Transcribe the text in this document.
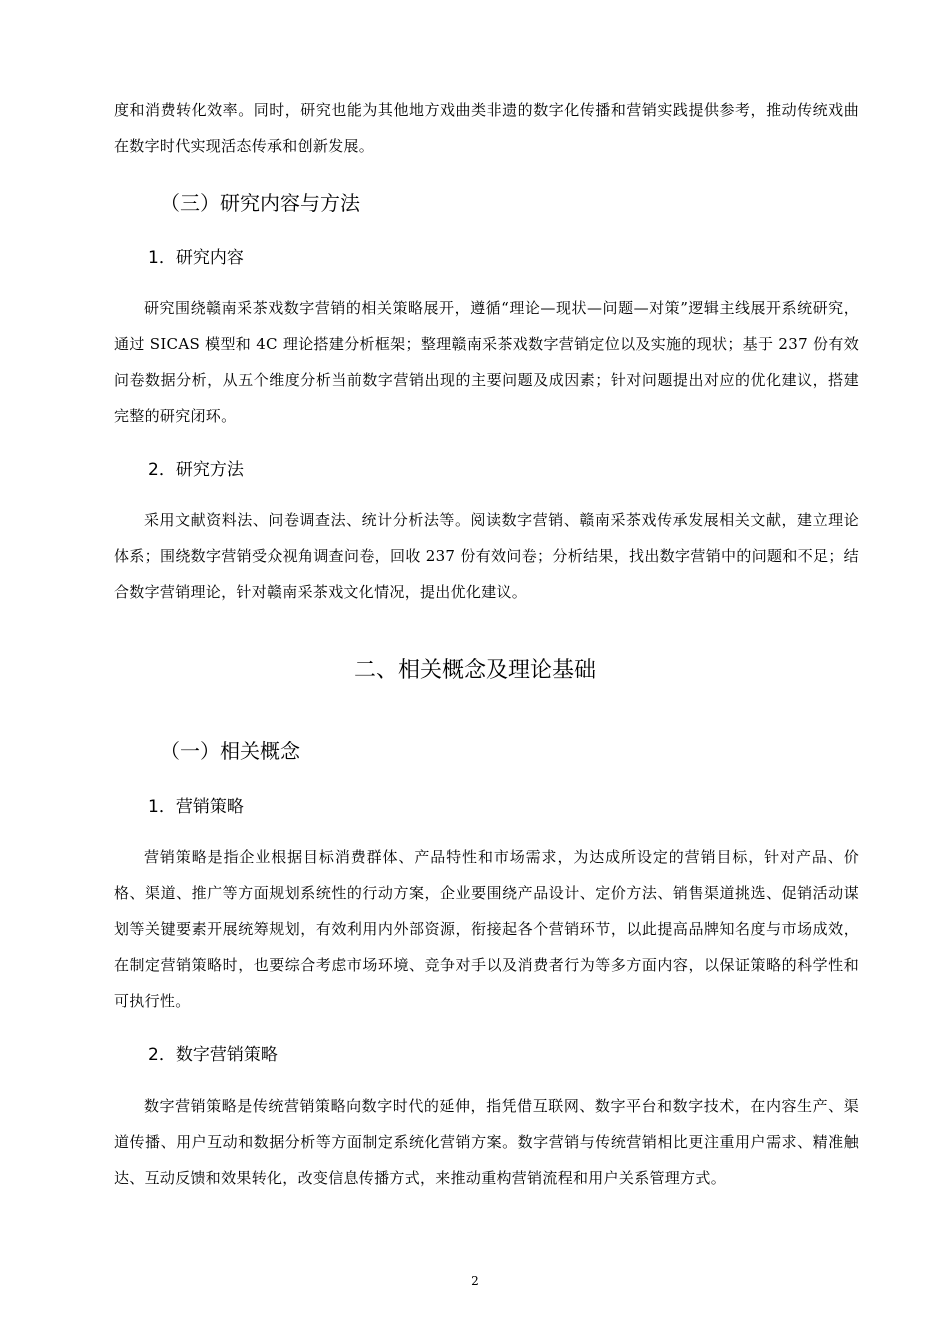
度和消费转化效率。同时，研究也能为其他地方戏曲类非遗的数字化传播和营销实践提供参考，推动传统戏曲在数字时代实现活态传承和创新发展。

（三）研究内容与方法
1．研究内容

研究围绕赣南采茶戏数字营销的相关策略展开，遵循“理论—现状—问题—对策”逻辑主线展开系统研究，通过 SICAS 模型和 4C 理论搭建分析框架；整理赣南采茶戏数字营销定位以及实施的现状；基于 237 份有效问卷数据分析，从五个维度分析当前数字营销出现的主要问题及成因素；针对问题提出对应的优化建议，搭建完整的研究闭环。

2．研究方法

采用文献资料法、问卷调查法、统计分析法等。阅读数字营销、赣南采茶戏传承发展相关文献，建立理论体系；围绕数字营销受众视角调查问卷，回收 237 份有效问卷；分析结果，找出数字营销中的问题和不足；结合数字营销理论，针对赣南采茶戏文化情况，提出优化建议。

二、相关概念及理论基础
（一）相关概念
1．营销策略

营销策略是指企业根据目标消费群体、产品特性和市场需求，为达成所设定的营销目标，针对产品、价格、渠道、推广等方面规划系统性的行动方案，企业要围绕产品设计、定价方法、销售渠道挑选、促销活动谋划等关键要素开展统筹规划，有效利用内外部资源，衔接起各个营销环节，以此提高品牌知名度与市场成效，在制定营销策略时，也要综合考虑市场环境、竞争对手以及消费者行为等多方面内容，以保证策略的科学性和可执行性。

2．数字营销策略

数字营销策略是传统营销策略向数字时代的延伸，指凭借互联网、数字平台和数字技术，在内容生产、渠道传播、用户互动和数据分析等方面制定系统化营销方案。数字营销与传统营销相比更注重用户需求、精准触达、互动反馈和效果转化，改变信息传播方式，来推动重构营销流程和用户关系管理方式。

2
